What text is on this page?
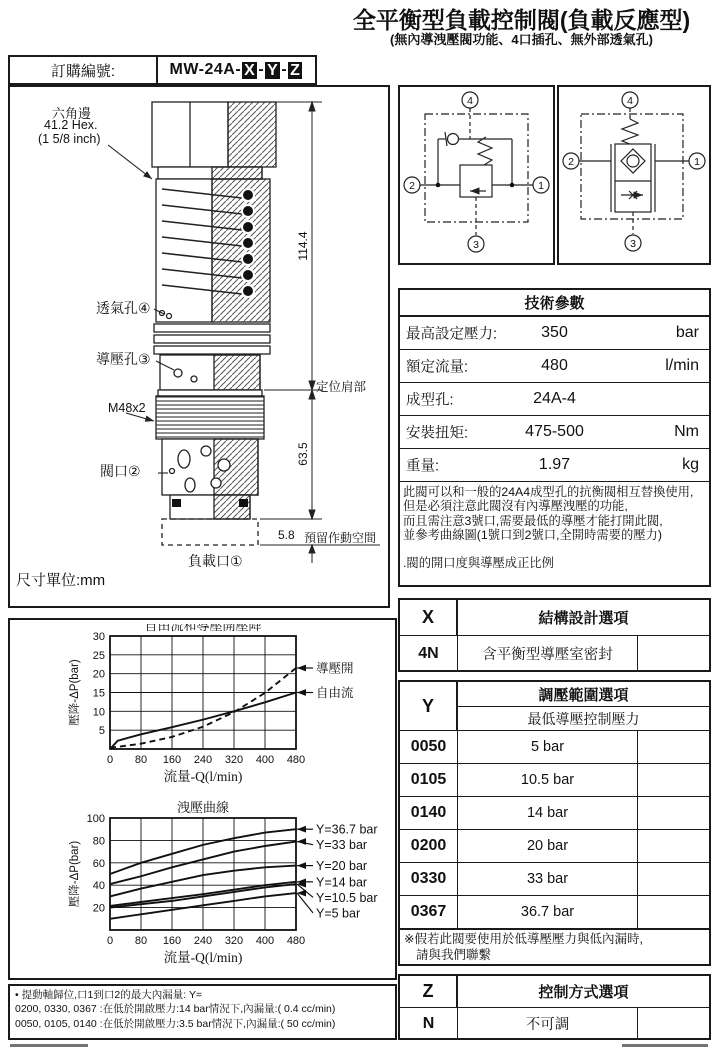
全平衡型負載控制閥(負載反應型)
(無內導洩壓閥功能、4口插孔、無外部透氣孔)
訂購編號:	MW-24A- X - Y - Z
六角邊
41.2 Hex.
(1 5/8 inch)
透氣孔④
導壓孔③
M48x2
閥口②
負載口①
114.4
63.5
定位肩部
5.8 預留作動空間
尺寸單位:mm
4
2	1
3
4
2	1
3
技術參數
最高設定壓力:	350	bar
額定流量:	480	l/min
成型孔:	24A-4
安裝扭矩:	475-500	Nm
重量:	1.97	kg
此閥可以和一般的24A4成型孔的抗衡閥相互替換使用,
但是必須注意此閥沒有內導壓洩壓的功能,
而且需注意3號口,需要最低的導壓才能打開此閥,
並參考曲線圖(1號口到2號口,全開時需要的壓力)
.閥的開口度與導壓成正比例
X	結構設計選項
4N	含平衡型導壓室密封
Y
調壓範圍選項
最低導壓控制壓力
0050	5 bar
0105	10.5 bar
0140	14 bar
0200	20 bar
0330	33 bar
0367	36.7 bar
※假若此閥要使用於低導壓壓力與低內漏時,
請與我們聯繫
Z	控制方式選項
N	不可調
0 80 160 240 320 400 480
5
10
15
20
25
30
自由流和導壓開壓降
流量-Q(l/min)
壓降-ΔP(bar)	導壓開
自由流
0 80 160 240 320 400 480
20
40
60
80
100
洩壓曲線
流量-Q(l/min)
壓降-ΔP(bar)
Y=36.7 bar
Y=33 bar
Y=20 bar
Y=14 bar
Y=10.5 bar
Y=5 bar
• 提動軸歸位,口1到口2的最大內漏量: Y=
0200, 0330, 0367 :在低於開啟壓力:14 bar情況下,內漏量:( 0.4 cc/min)
0050, 0105, 0140 :在低於開啟壓力:3.5 bar情況下,內漏量:( 50 cc/min)
